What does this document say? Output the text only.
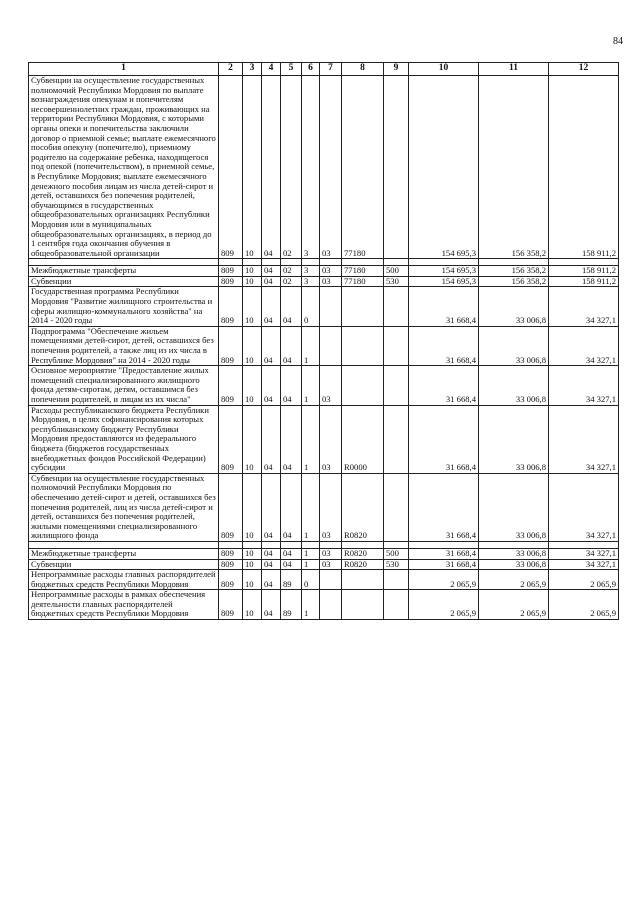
84
1	2	3	4	5	6	7	8	9	10	11	12
Субвенции на осуществление государственных полномочий Республики Мордовия по выплате вознаграждения опекунам и попечителям несовершеннолетних граждан, проживающих на территории Республики Мордовия, с которыми органы опеки и попечительства заключили договор о приемной семье; выплате ежемесячного пособия опекуну (попечителю), приемному родителю на содержание ребенка, находящегося под опекой (попечительством), в приемной семье, в Республике Мордовия; выплате ежемесячного денежного пособия лицам из числа детей-сирот и детей, оставшихся без попечения родителей, обучающимся в государственных общеобразовательных организациях Республики Мордовия или в муниципальных общеобразовательных организациях, в период до 1 сентября года окончания обучения в общеобразовательной организации	809	10	04	02	3	03	77180		154 695,3	156 358,2	158 911,2

Межбюджетные трансферты	809	10	04	02	3	03	77180	500	154 695,3	156 358,2	158 911,2
Субвенции	809	10	04	02	3	03	77180	530	154 695,3	156 358,2	158 911,2
Государственная программа Республики Мордовия "Развитие жилищного строительства и сферы жилищно-коммунального хозяйства" на 2014 - 2020 годы	809	10	04	04	0				31 668,4	33 006,8	34 327,1
Подпрограмма "Обеспечение жильем помещениями детей-сирот, детей, оставшихся без попечения родителей, а также лиц из их числа в Республике Мордовия" на 2014 - 2020 годы	809	10	04	04	1				31 668,4	33 006,8	34 327,1
Основное мероприятие "Предоставление жилых помещений специализированного жилищного фонда детям-сиротам, детям, оставшимся без попечения родителей, и лицам из их числа"	809	10	04	04	1	03			31 668,4	33 006,8	34 327,1
Расходы республиканского бюджета Республики Мордовия, в целях софинансирования которых республиканскому бюджету Республики Мордовия предоставляются из федерального бюджета (бюджетов государственных внебюджетных фондов Российской Федерации) субсидии	809	10	04	04	1	03	R0000		31 668,4	33 006,8	34 327,1
Субвенции на осуществление государственных полномочий Республики Мордовия по обеспечению детей-сирот и детей, оставшихся без попечения родителей, лиц из числа детей-сирот и детей, оставшихся без попечения родителей, жилыми помещениями специализированного жилищного фонда	809	10	04	04	1	03	R0820		31 668,4	33 006,8	34 327,1

Межбюджетные трансферты	809	10	04	04	1	03	R0820	500	31 668,4	33 006,8	34 327,1
Субвенции	809	10	04	04	1	03	R0820	530	31 668,4	33 006,8	34 327,1
Непрограммные расходы главных распорядителей бюджетных средств Республики Мордовия	809	10	04	89	0				2 065,9	2 065,9	2 065,9
Непрограммные расходы в рамках обеспечения деятельности главных распорядителей бюджетных средств Республики Мордовия	809	10	04	89	1				2 065,9	2 065,9	2 065,9
